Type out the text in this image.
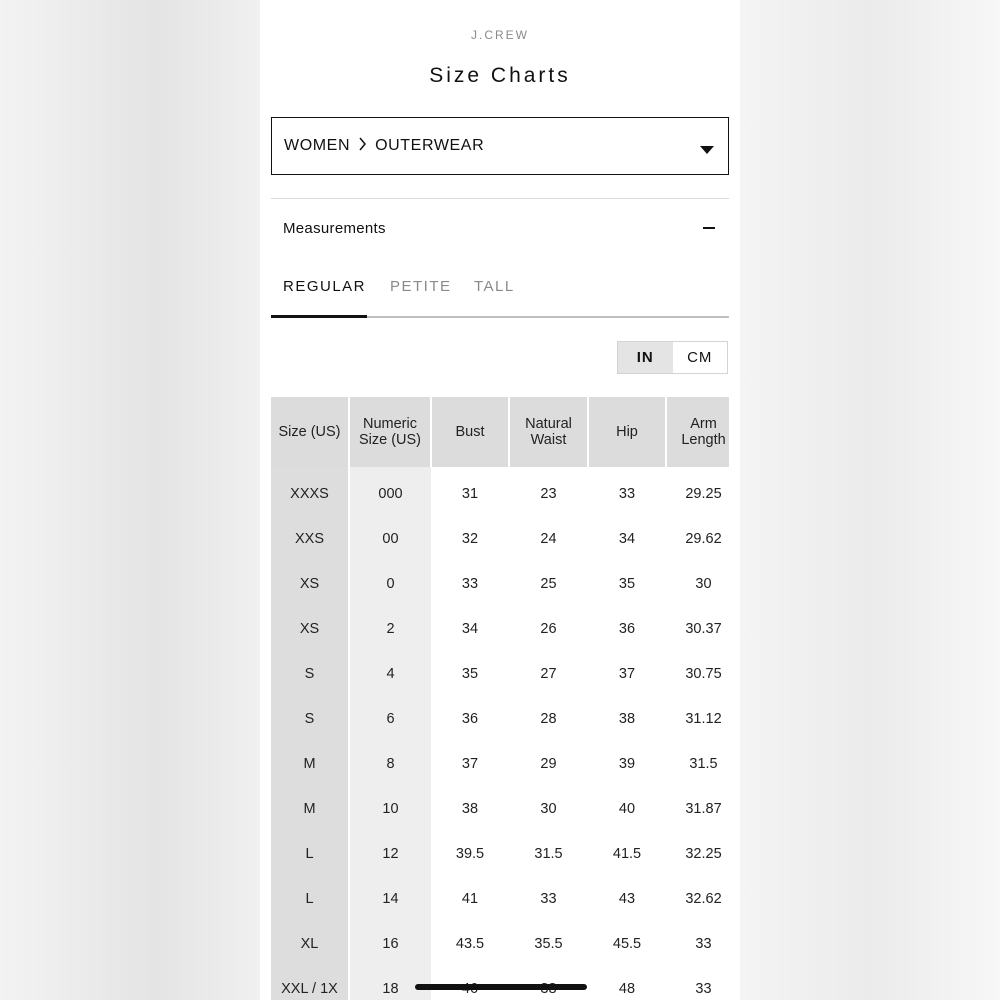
J.CREW
Size Charts
WOMEN OUTERWEAR
Measurements
REGULAR PETITE TALL
IN	CM
Size (US)	Numeric Size (US)	Bust	Natural Waist	Hip	Arm Length
XXXS	000	31	23	33	29.25
XXS	00	32	24	34	29.62
XS	0	33	25	35	30
XS	2	34	26	36	30.37
S	4	35	27	37	30.75
S	6	36	28	38	31.12
M	8	37	29	39	31.5
M	10	38	30	40	31.87
L	12	39.5	31.5	41.5	32.25
L	14	41	33	43	32.62
XL	16	43.5	35.5	45.5	33
XXL / 1X	18			48	33
